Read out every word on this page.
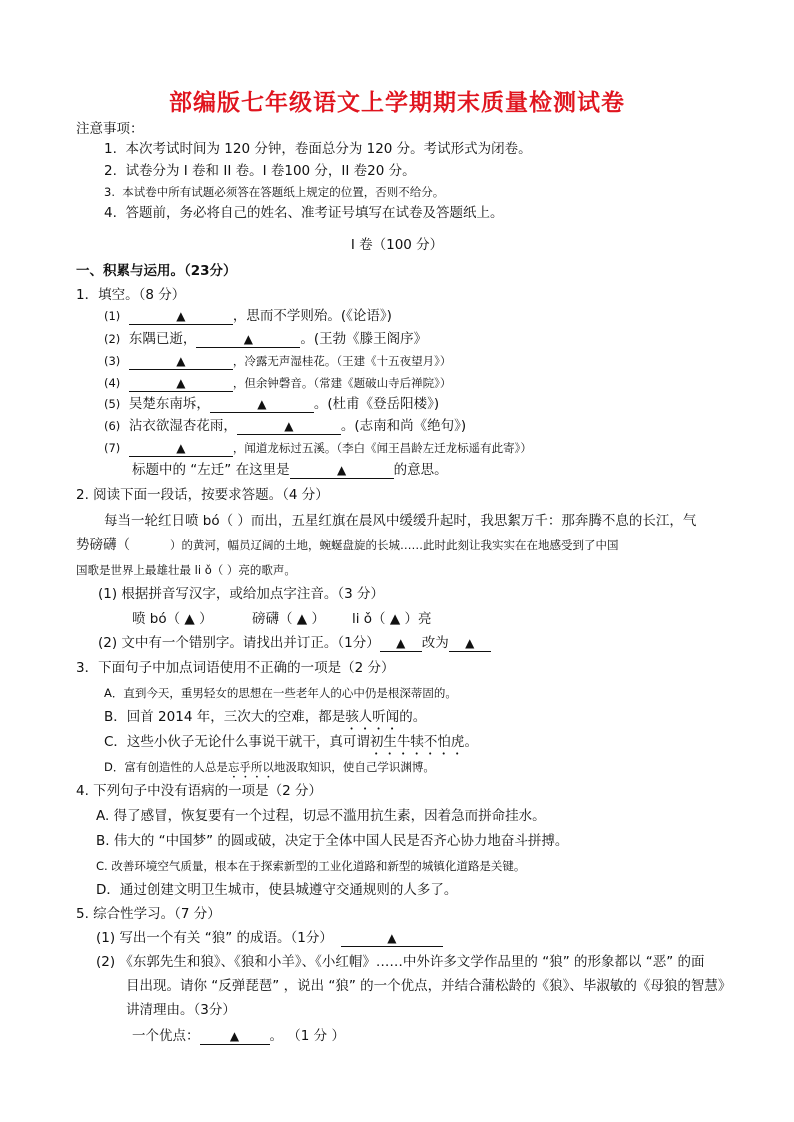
部编版七年级语文上学期期末质量检测试卷
注意事项：
1. 本次考试时间为 120 分钟，卷面总分为 120 分。考试形式为闭卷。
2. 试卷分为 I 卷和 II 卷。I 卷100 分，II 卷20 分。
3. 本试卷中所有试题必须答在答题纸上规定的位置，否则不给分。
4. 答题前，务必将自己的姓名、准考证号填写在试卷及答题纸上。
I 卷（100 分）
一、积累与运用。（23分）
1．填空。（8 分）
(1)	▲	，思而不学则殆。(《论语》)
(2) 东隅已逝，	▲	。(王勃《滕王阁序》
(3)	▲	，冷露无声湿桂花。（王建《十五夜望月》）
(4)	▲	，但余钟磬音。（常建《题破山寺后禅院》）
(5) 吴楚东南坼，	▲	。(杜甫《登岳阳楼》)
(6) 沾衣欲湿杏花雨，	▲	。(志南和尚《绝句》)
(7)	▲	，闻道龙标过五溪。（李白《闻王昌龄左迁龙标遥有此寄》）
标题中的 “左迁” 在这里是	▲	的意思。
2. 阅读下面一段话，按要求答题。（4 分）
每当一轮红日喷 bó（ ）而出，五星红旗在晨风中缓缓升起时，我思絮万千：那奔腾不息的长江，气
势磅礴（	）的黄河，幅员辽阔的土地，蜿蜒盘旋的长城……此时此刻让我实实在在地感受到了中国
国歌是世界上最雄壮最 li ǒ（ ）亮的歌声。
(1) 根据拼音写汉字，或给加点字注音。（3 分）
喷 bó（ ▲ ）	磅礴（ ▲ ） li ǒ（ ▲ ）亮
(2) 文中有一个错别字。请找出并订正。（1分） ▲ 改为 ▲
3．下面句子中加点词语使用不正确的一项是（2 分）
A．直到今天，重男轻女的思想在一些老年人的心中仍是根深蒂固的。
B．回首 2014 年，三次大的空难，都是骇人听闻的。
C．这些小伙子无论什么事说干就干，真可谓初生牛犊不怕虎。
D．富有创造性的人总是忘乎所以地汲取知识，使自己学识渊博。
4. 下列句子中没有语病的一项是（2 分）
A. 得了感冒，恢复要有一个过程，切忌不滥用抗生素，因着急而拼命挂水。
B. 伟大的 “中国梦” 的圆或破，决定于全体中国人民是否齐心协力地奋斗拼搏。
C. 改善环境空气质量，根本在于探索新型的工业化道路和新型的城镇化道路是关键。
D．通过创建文明卫生城市，使县城遵守交通规则的人多了。
5. 综合性学习。（7 分）
(1) 写出一个有关 “狼” 的成语。（1分）	▲
(2) 《东郭先生和狼》、《狼和小羊》、《小红帽》……中外许多文学作品里的 “狼” 的形象都以 “恶” 的面
目出现。请你 “反弹琵琶” ，说出 “狼” 的一个优点，并结合蒲松龄的《狼》、毕淑敏的《母狼的智慧》
讲清理由。（3分）
一个优点：	▲ 。 （1 分 ）
